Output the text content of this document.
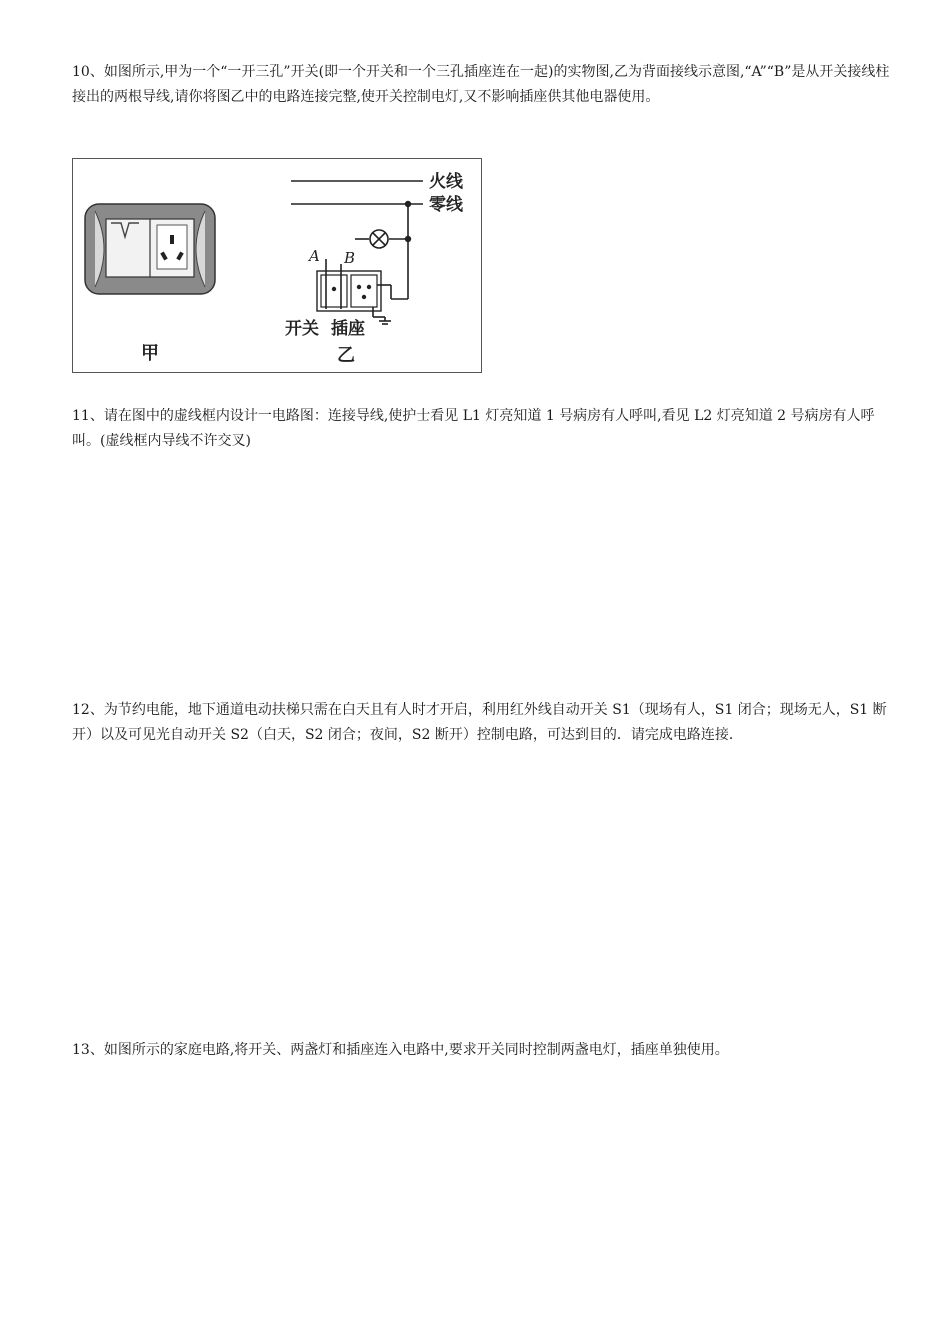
10、如图所示,甲为一个“一开三孔”开关(即一个开关和一个三孔插座连在一起)的实物图,乙为背面接线示意图,“A”“B”是从开关接线柱接出的两根导线,请你将图乙中的电路连接完整,使开关控制电灯,又不影响插座供其他电器使用。

甲
火线
零线
A B
开关 插座
乙

11、请在图中的虚线框内设计一电路图：连接导线,使护士看见 L1 灯亮知道 1 号病房有人呼叫,看见 L2 灯亮知道 2 号病房有人呼叫。(虚线框内导线不许交叉)

12、为节约电能，地下通道电动扶梯只需在白天且有人时才开启，利用红外线自动开关 S1（现场有人，S1 闭合；现场无人，S1 断开）以及可见光自动开关 S2（白天，S2 闭合；夜间，S2 断开）控制电路，可达到目的．请完成电路连接．

13、如图所示的家庭电路,将开关、两盏灯和插座连入电路中,要求开关同时控制两盏电灯，插座单独使用。
